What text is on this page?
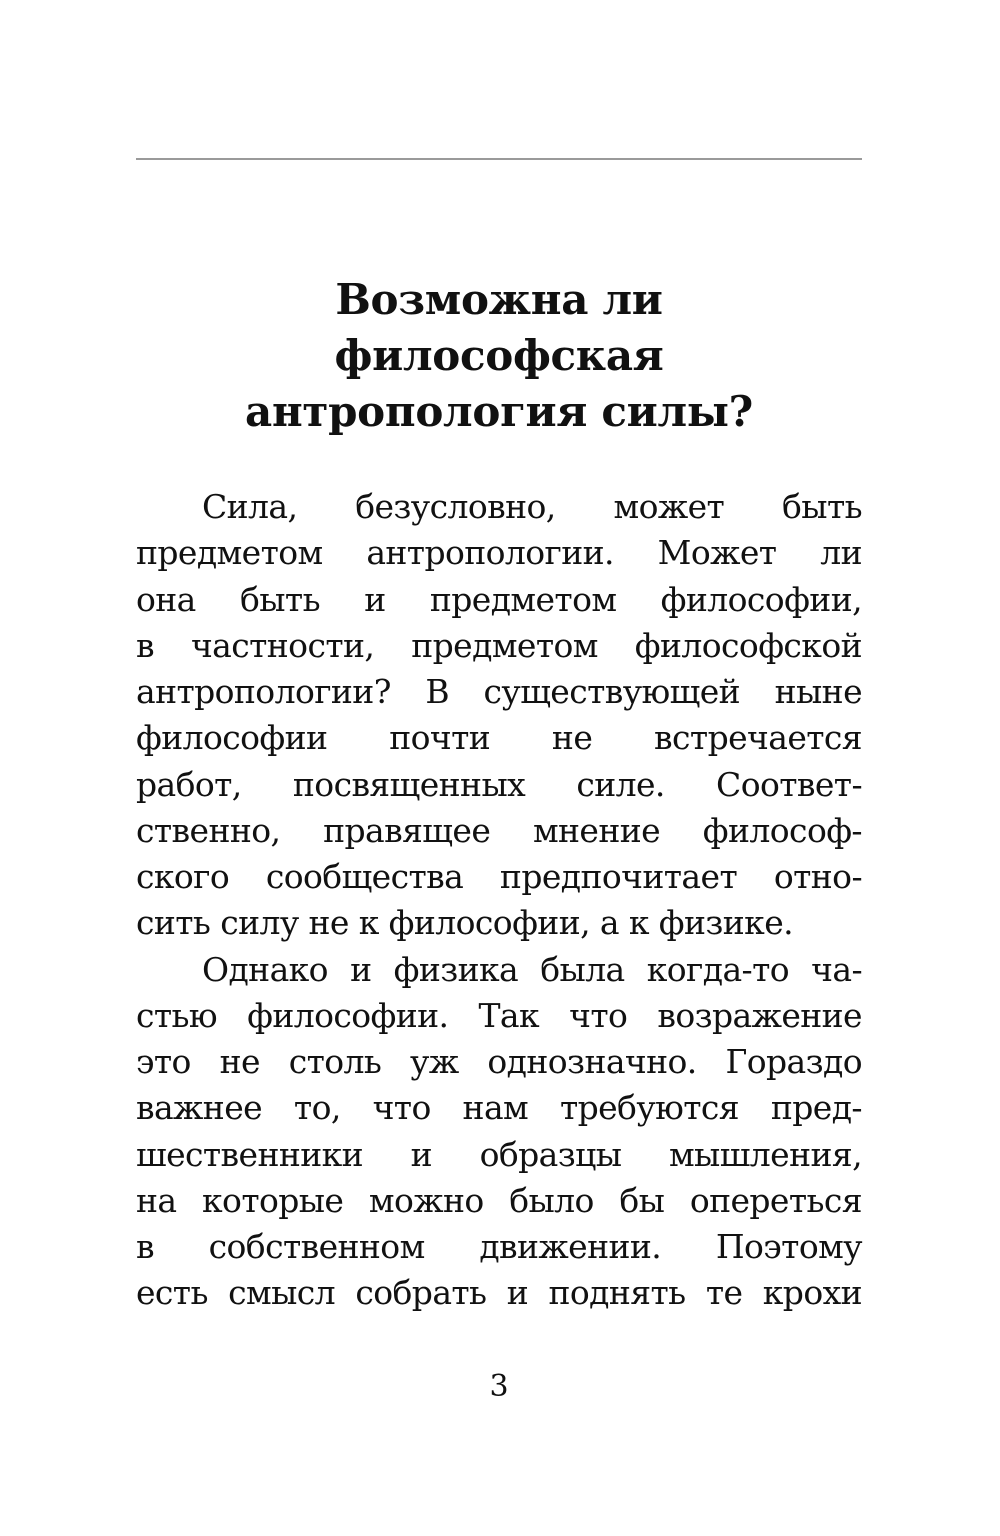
Возможна ли
философская
антропология силы?
Сила, безусловно, может быть
предметом антропологии. Может ли
она быть и предметом философии,
в частности, предметом философской
антропологии? В существующей ныне
философии почти не встречается
работ, посвященных силе. Соответ-
ственно, правящее мнение философ-
ского сообщества предпочитает отно-
сить силу не к философии, а к физике.
Однако и физика была когда-то ча-
стью философии. Так что возражение
это не столь уж однозначно. Гораздо
важнее то, что нам требуются пред-
шественники и образцы мышления,
на которые можно было бы опереться
в собственном движении. Поэтому
есть смысл собрать и поднять те крохи
3
